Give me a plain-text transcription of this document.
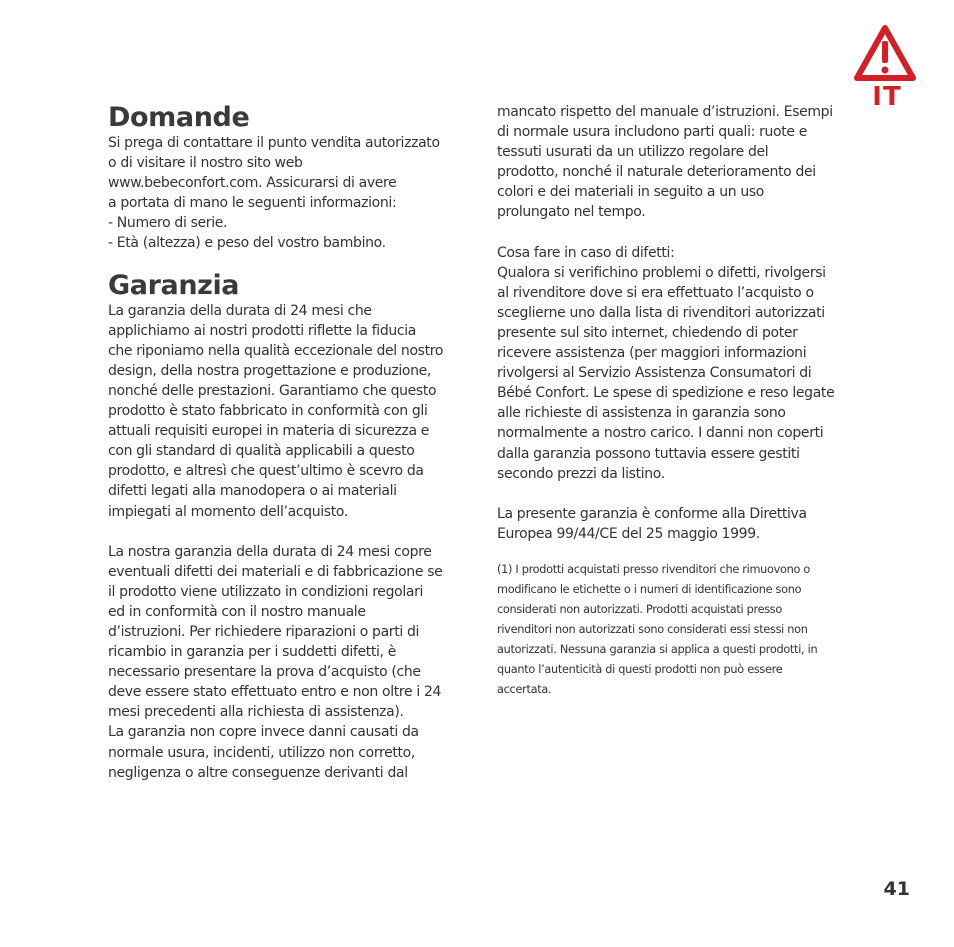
IT
Domande

Si prega di contattare il punto vendita autorizzato
o di visitare il nostro sito web
www.bebeconfort.com. Assicurarsi di avere
a portata di mano le seguenti informazioni:
- Numero di serie.
- Età (altezza) e peso del vostro bambino.

Garanzia

La garanzia della durata di 24 mesi che
applichiamo ai nostri prodotti riflette la fiducia
che riponiamo nella qualità eccezionale del nostro
design, della nostra progettazione e produzione,
nonché delle prestazioni. Garantiamo che questo
prodotto è stato fabbricato in conformità con gli
attuali requisiti europei in materia di sicurezza e
con gli standard di qualità applicabili a questo
prodotto, e altresì che quest’ultimo è scevro da
difetti legati alla manodopera o ai materiali
impiegati al momento dell’acquisto.

La nostra garanzia della durata di 24 mesi copre
eventuali difetti dei materiali e di fabbricazione se
il prodotto viene utilizzato in condizioni regolari
ed in conformità con il nostro manuale
d’istruzioni. Per richiedere riparazioni o parti di
ricambio in garanzia per i suddetti difetti, è
necessario presentare la prova d’acquisto (che
deve essere stato effettuato entro e non oltre i 24
mesi precedenti alla richiesta di assistenza).
La garanzia non copre invece danni causati da
normale usura, incidenti, utilizzo non corretto,
negligenza o altre conseguenze derivanti dal

mancato rispetto del manuale d’istruzioni. Esempi
di normale usura includono parti quali: ruote e
tessuti usurati da un utilizzo regolare del
prodotto, nonché il naturale deterioramento dei
colori e dei materiali in seguito a un uso
prolungato nel tempo.

Cosa fare in caso di difetti:
Qualora si verifichino problemi o difetti, rivolgersi
al rivenditore dove si era effettuato l’acquisto o
sceglierne uno dalla lista di rivenditori autorizzati
presente sul sito internet, chiedendo di poter
ricevere assistenza (per maggiori informazioni
rivolgersi al Servizio Assistenza Consumatori di
Bébé Confort. Le spese di spedizione e reso legate
alle richieste di assistenza in garanzia sono
normalmente a nostro carico. I danni non coperti
dalla garanzia possono tuttavia essere gestiti
secondo prezzi da listino.

La presente garanzia è conforme alla Direttiva
Europea 99/44/CE del 25 maggio 1999.

(1) I prodotti acquistati presso rivenditori che rimuovono o
modificano le etichette o i numeri di identificazione sono
considerati non autorizzati. Prodotti acquistati presso
rivenditori non autorizzati sono considerati essi stessi non
autorizzati. Nessuna garanzia si applica a questi prodotti, in
quanto l’autenticità di questi prodotti non può essere
accertata.

41
